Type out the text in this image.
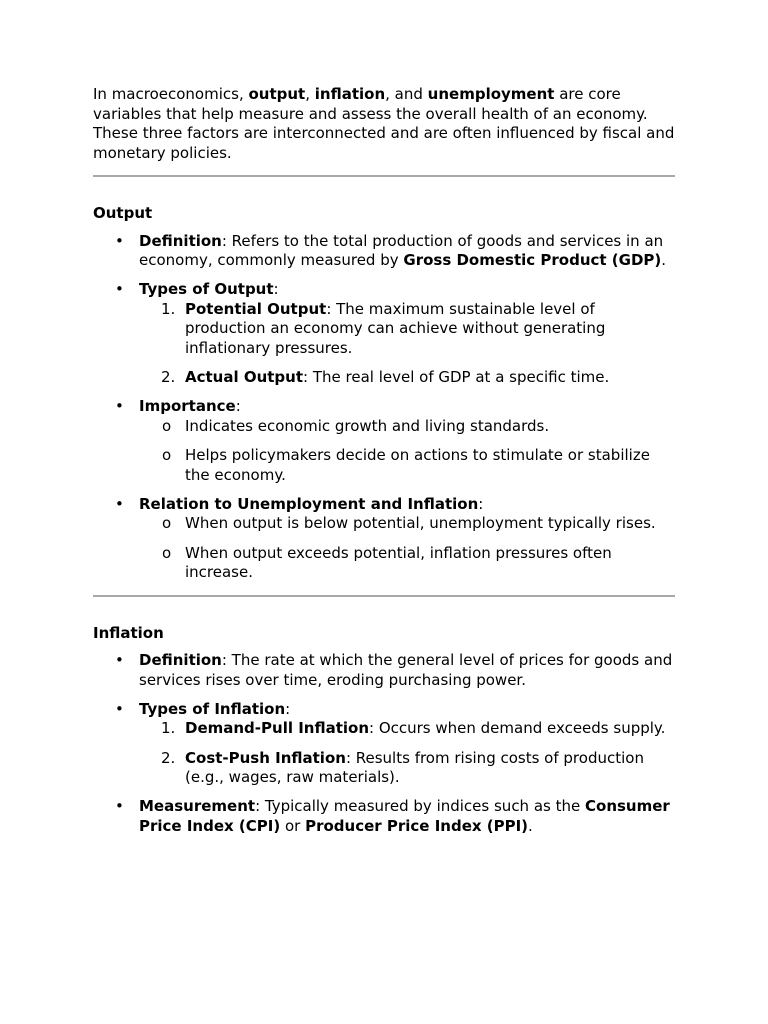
In macroeconomics, output, inflation, and unemployment are core variables that help measure and assess the overall health of an economy. These three factors are interconnected and are often influenced by fiscal and monetary policies.

Output

• Definition: Refers to the total production of goods and services in an economy, commonly measured by Gross Domestic Product (GDP).
• Types of Output:
1. Potential Output: The maximum sustainable level of production an economy can achieve without generating inflationary pressures.
2. Actual Output: The real level of GDP at a specific time.
• Importance:
o Indicates economic growth and living standards.
o Helps policymakers decide on actions to stimulate or stabilize the economy.
• Relation to Unemployment and Inflation:
o When output is below potential, unemployment typically rises.
o When output exceeds potential, inflation pressures often increase.

Inflation

• Definition: The rate at which the general level of prices for goods and services rises over time, eroding purchasing power.
• Types of Inflation:
1. Demand-Pull Inflation: Occurs when demand exceeds supply.
2. Cost-Push Inflation: Results from rising costs of production (e.g., wages, raw materials).
• Measurement: Typically measured by indices such as the Consumer Price Index (CPI) or Producer Price Index (PPI).
